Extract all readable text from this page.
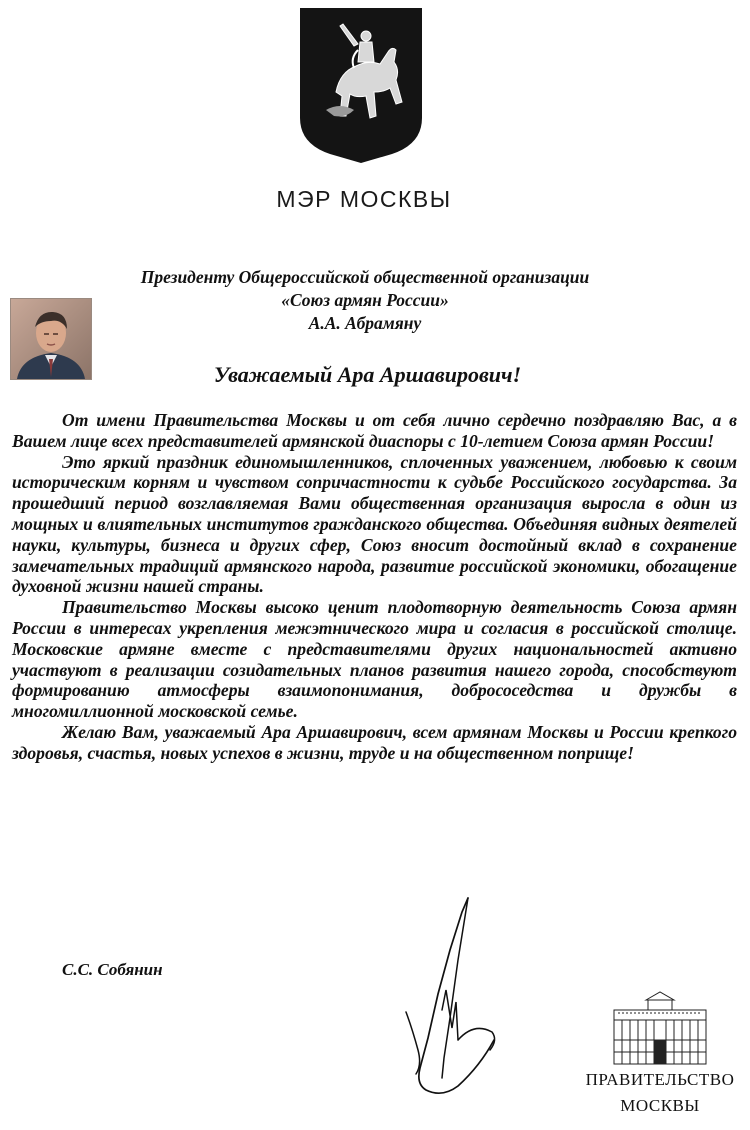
МЭР МОСКВЫ
Президенту Общероссийской общественной организации
«Союз армян России»
А.А. Абрамяну
Уважаемый Ара Аршавирович!

От имени Правительства Москвы и от себя лично сердечно поздравляю Вас, а в Вашем лице всех представителей армянской диаспоры с 10-летием Союза армян России!

Это яркий праздник единомышленников, сплоченных уважением, любовью к своим историческим корням и чувством сопричастности к судьбе Российского государства. За прошедший период возглавляемая Вами общественная организация выросла в один из мощных и влиятельных институтов гражданского общества. Объединяя видных деятелей науки, культуры, бизнеса и других сфер, Союз вносит достойный вклад в сохранение замечательных традиций армянского народа, развитие российской экономики, обогащение духовной жизни нашей страны.

Правительство Москвы высоко ценит плодотворную деятельность Союза армян России в интересах укрепления межэтнического мира и согласия в российской столице. Московские армяне вместе с представителями других национальностей активно участвуют в реализации созидательных планов развития нашего города, способствуют формированию атмосферы взаимопонимания, добрососедства и дружбы в многомиллионной московской семье.

Желаю Вам, уважаемый Ара Аршавирович, всем армянам Москвы и России крепкого здоровья, счастья, новых успехов в жизни, труде и на общественном поприще!

С.С. Собянин
ПРАВИТЕЛЬСТВО
МОСКВЫ
